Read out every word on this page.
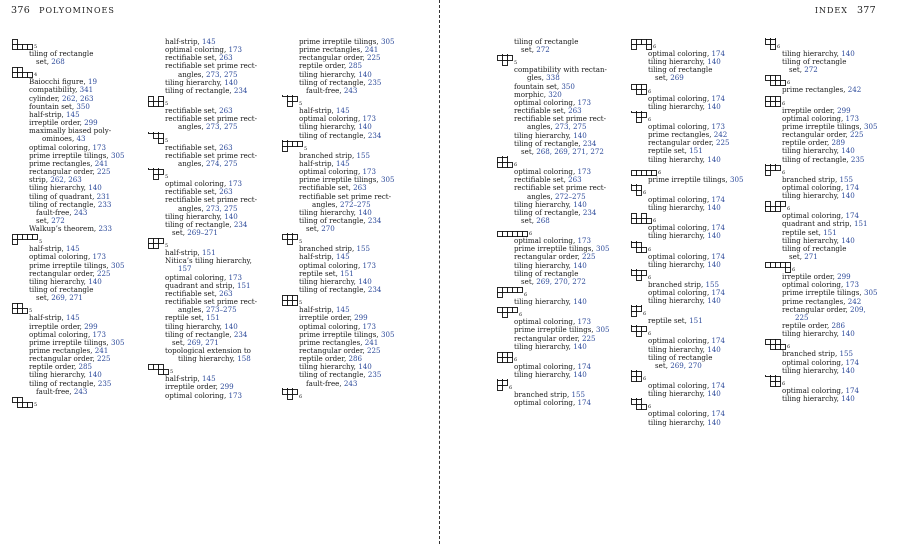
376 POLYOMINOES	INDEX 377
5
tiling of rectangle
set, 268
4
Baiocchi figure, 19
compatibility, 341
cylinder, 262, 263
fountain set, 350
half-strip, 145
irreptile order, 299
maximally biased poly-
ominoes, 43
optimal coloring, 173
prime irreptile tilings, 305
prime rectangles, 241
rectangular order, 225
strip, 262, 263
tiling hierarchy, 140
tiling of quadrant, 231
tiling of rectangle, 233
fault-free, 243
set, 272
Walkup’s theorem, 233
5
half-strip, 145
optimal coloring, 173
prime irreptile tilings, 305
rectangular order, 225
tiling hierarchy, 140
tiling of rectangle
set, 269, 271
5
half-strip, 145
irreptile order, 299
optimal coloring, 173
prime irreptile tilings, 305
prime rectangles, 241
rectangular order, 225
reptile order, 285
tiling hierarchy, 140
tiling of rectangle, 235
fault-free, 243
5
half-strip, 145
optimal coloring, 173
rectifiable set, 263
rectifiable set prime rect-
angles, 273, 275
tiling hierarchy, 140
tiling of rectangle, 234
5
rectifiable set, 263
rectifiable set prime rect-
angles, 273, 275
5
rectifiable set, 263
rectifiable set prime rect-
angles, 274, 275
5
optimal coloring, 173
rectifiable set, 263
rectifiable set prime rect-
angles, 273, 275
tiling hierarchy, 140
tiling of rectangle, 234
set, 269–271
5
half-strip, 151
Nitica’s tiling hierarchy,
157
optimal coloring, 173
quadrant and strip, 151
rectifiable set, 263
rectifiable set prime rect-
angles, 273–275
reptile set, 151
tiling hierarchy, 140
tiling of rectangle, 234
set, 269, 271
topological extension to
tiling hierarchy, 158
5
half-strip, 145
irreptile order, 299
optimal coloring, 173
prime irreptile tilings, 305
prime rectangles, 241
rectangular order, 225
reptile order, 285
tiling hierarchy, 140
tiling of rectangle, 235
fault-free, 243
5
half-strip, 145
optimal coloring, 173
tiling hierarchy, 140
tiling of rectangle, 234
5
branched strip, 155
half-strip, 145
optimal coloring, 173
prime irreptile tilings, 305
rectifiable set, 263
rectifiable set prime rect-
angles, 272–275
tiling hierarchy, 140
tiling of rectangle, 234
set, 270
5
branched strip, 155
half-strip, 145
optimal coloring, 173
reptile set, 151
tiling hierarchy, 140
tiling of rectangle, 234
5
half-strip, 145
irreptile order, 299
optimal coloring, 173
prime irreptile tilings, 305
prime rectangles, 241
rectangular order, 225
reptile order, 286
tiling hierarchy, 140
tiling of rectangle, 235
fault-free, 243
6
tiling of rectangle
set, 272
5
compatibility with rectan-
gles, 338
fountain set, 350
morphic, 320
optimal coloring, 173
rectifiable set, 263
rectifiable set prime rect-
angles, 273, 275
tiling hierarchy, 140
tiling of rectangle, 234
set, 268, 269, 271, 272
6
optimal coloring, 173
rectifiable set, 263
rectifiable set prime rect-
angles, 272–275
tiling hierarchy, 140
tiling of rectangle, 234
set, 268
6
optimal coloring, 173
prime irreptile tilings, 305
rectangular order, 225
tiling hierarchy, 140
tiling of rectangle
set, 269, 270, 272
6
tiling hierarchy, 140
6
optimal coloring, 173
prime irreptile tilings, 305
rectangular order, 225
tiling hierarchy, 140
6
optimal coloring, 174
tiling hierarchy, 140
6
branched strip, 155
optimal coloring, 174
6
optimal coloring, 174
tiling hierarchy, 140
tiling of rectangle
set, 269
6
optimal coloring, 174
tiling hierarchy, 140
6
optimal coloring, 173
prime rectangles, 242
rectangular order, 225
reptile set, 151
tiling hierarchy, 140
6
prime irreptile tilings, 305
6
optimal coloring, 174
tiling hierarchy, 140
6
optimal coloring, 174
tiling hierarchy, 140
6
optimal coloring, 174
tiling hierarchy, 140
6
branched strip, 155
optimal coloring, 174
tiling hierarchy, 140
6
reptile set, 151
6
optimal coloring, 174
tiling hierarchy, 140
tiling of rectangle
set, 269, 270
6
optimal coloring, 174
tiling hierarchy, 140
6
optimal coloring, 174
tiling hierarchy, 140
6
tiling hierarchy, 140
tiling of rectangle
set, 272
6
prime rectangles, 242
6
irreptile order, 299
optimal coloring, 173
prime irreptile tilings, 305
rectangular order, 225
reptile order, 289
tiling hierarchy, 140
tiling of rectangle, 235
6
branched strip, 155
optimal coloring, 174
tiling hierarchy, 140
6
optimal coloring, 174
quadrant and strip, 151
reptile set, 151
tiling hierarchy, 140
tiling of rectangle
set, 271
6
irreptile order, 299
optimal coloring, 173
prime irreptile tilings, 305
prime rectangles, 242
rectangular order, 209,
225
reptile order, 286
tiling hierarchy, 140
6
branched strip, 155
optimal coloring, 174
tiling hierarchy, 140
6
optimal coloring, 174
tiling hierarchy, 140
